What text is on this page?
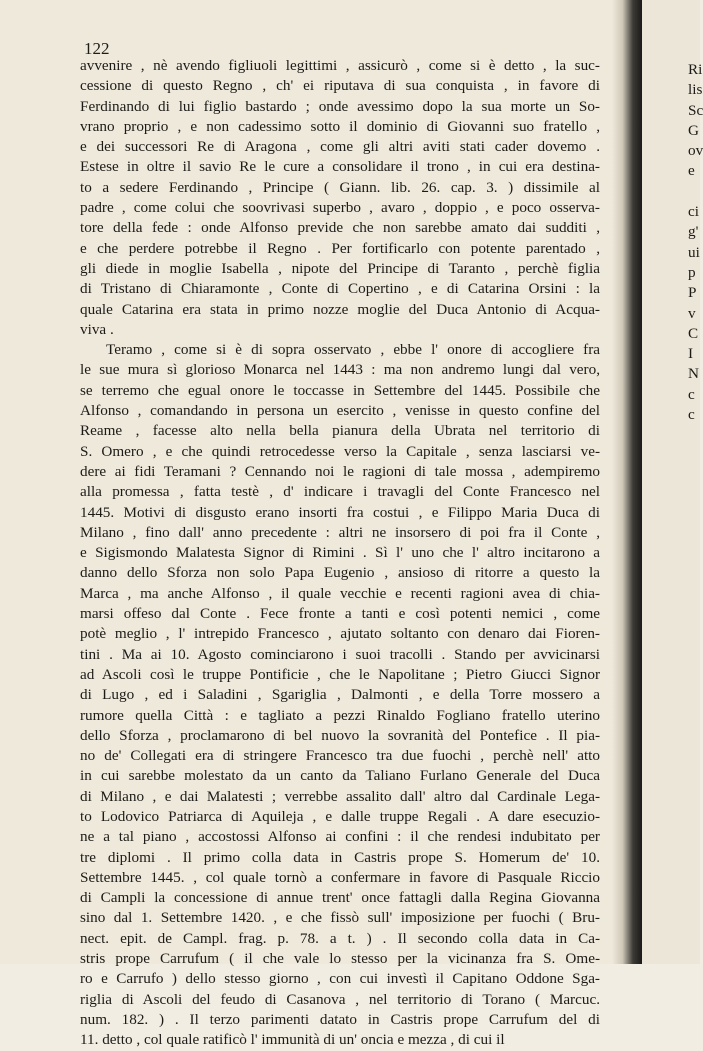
122
avvenire , nè avendo figliuoli legittimi , assicurò , come si è detto , la suc-
cessione di questo Regno , ch' ei riputava di sua conquista , in favore di
Ferdinando di lui figlio bastardo ; onde avessimo dopo la sua morte un So-
vrano proprio , e non cadessimo sotto il dominio di Giovanni suo fratello ,
e dei successori Re di Aragona , come gli altri aviti stati cader dovemo .
Estese in oltre il savio Re le cure a consolidare il trono , in cui era destina-
to a sedere Ferdinando , Principe ( Giann. lib. 26. cap. 3. ) dissimile al
padre , come colui che soovrivasi superbo , avaro , doppio , e poco osserva-
tore della fede : onde Alfonso previde che non sarebbe amato dai sudditi ,
e che perdere potrebbe il Regno . Per fortificarlo con potente parentado ,
gli diede in moglie Isabella , nipote del Principe di Taranto , perchè figlia
di Tristano di Chiaramonte , Conte di Copertino , e di Catarina Orsini : la
quale Catarina era stata in primo nozze moglie del Duca Antonio di Acqua-
viva .
Teramo , come si è di sopra osservato , ebbe l' onore di accogliere fra
le sue mura sì glorioso Monarca nel 1443 : ma non andremo lungi dal vero,
se terremo che egual onore le toccasse in Settembre del 1445. Possibile che
Alfonso , comandando in persona un esercito , venisse in questo confine del
Reame , facesse alto nella bella pianura della Ubrata nel territorio di
S. Omero , e che quindi retrocedesse verso la Capitale , senza lasciarsi ve-
dere ai fidi Teramani ? Cennando noi le ragioni di tale mossa , adempiremo
alla promessa , fatta testè , d' indicare i travagli del Conte Francesco nel
1445. Motivi di disgusto erano insorti fra costui , e Filippo Maria Duca di
Milano , fino dall' anno precedente : altri ne insorsero di poi fra il Conte ,
e Sigismondo Malatesta Signor di Rimini . Sì l' uno che l' altro incitarono a
danno dello Sforza non solo Papa Eugenio , ansioso di ritorre a questo la
Marca , ma anche Alfonso , il quale vecchie e recenti ragioni avea di chia-
marsi offeso dal Conte . Fece fronte a tanti e così potenti nemici , come
potè meglio , l' intrepido Francesco , ajutato soltanto con denaro dai Fioren-
tini . Ma ai 10. Agosto cominciarono i suoi tracolli . Stando per avvicinarsi
ad Ascoli così le truppe Pontificie , che le Napolitane ; Pietro Giucci Signor
di Lugo , ed i Saladini , Sgariglia , Dalmonti , e della Torre mossero a
rumore quella Città : e tagliato a pezzi Rinaldo Fogliano fratello uterino
dello Sforza , proclamarono di bel nuovo la sovranità del Pontefice . Il pia-
no de' Collegati era di stringere Francesco tra due fuochi , perchè nell' atto
in cui sarebbe molestato da un canto da Taliano Furlano Generale del Duca
di Milano , e dai Malatesti ; verrebbe assalito dall' altro dal Cardinale Lega-
to Lodovico Patriarca di Aquileja , e dalle truppe Regali . A dare esecuzio-
ne a tal piano , accostossi Alfonso ai confini : il che rendesi indubitato per
tre diplomi . Il primo colla data in Castris prope S. Homerum de' 10.
Settembre 1445. , col quale tornò a confermare in favore di Pasquale Riccio
di Campli la concessione di annue trent' once fattagli dalla Regina Giovanna
sino dal 1. Settembre 1420. , e che fissò sull' imposizione per fuochi ( Bru-
nect. epit. de Campl. frag. p. 78. a t. ) . Il secondo colla data in Ca-
stris prope Carrufum ( il che vale lo stesso per la vicinanza fra S. Ome-
ro e Carrufo ) dello stesso giorno , con cui investì il Capitano Oddone Sga-
riglia di Ascoli del feudo di Casanova , nel territorio di Torano ( Marcuc.
num. 182. ) . Il terzo parimenti datato in Castris prope Carrufum del di
11. detto , col quale ratificò l' immunità di un' oncia e mezza , di cui il
Ri
lis
Sc
G
ov
e
ci
g'
ui
p
P
v
C
I
N
c
c
